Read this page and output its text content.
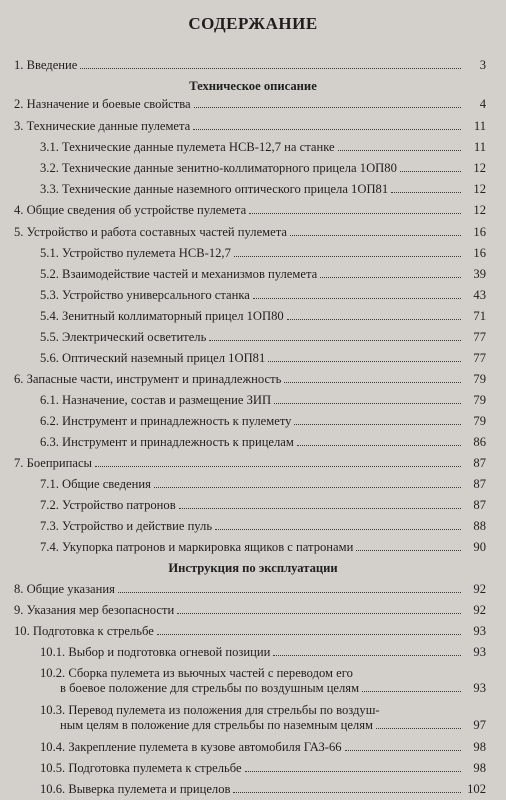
СОДЕРЖАНИЕ
1. Введение	3
Техническое описание
2. Назначение и боевые свойства	4
3. Технические данные пулемета	11
3.1. Технические данные пулемета НСВ-12,7 на станке	11
3.2. Технические данные зенитно-коллиматорного прицела 1ОП80	12
3.3. Технические данные наземного оптического прицела 1ОП81	12
4. Общие сведения об устройстве пулемета	12
5. Устройство и работа составных частей пулемета	16
5.1. Устройство пулемета НСВ-12,7	16
5.2. Взаимодействие частей и механизмов пулемета	39
5.3. Устройство универсального станка	43
5.4. Зенитный коллиматорный прицел 1ОП80	71
5.5. Электрический осветитель	77
5.6. Оптический наземный прицел 1ОП81	77
6. Запасные части, инструмент и принадлежность	79
6.1. Назначение, состав и размещение ЗИП	79
6.2. Инструмент и принадлежность к пулемету	79
6.3. Инструмент и принадлежность к прицелам	86
7. Боеприпасы	87
7.1. Общие сведения	87
7.2. Устройство патронов	87
7.3. Устройство и действие пуль	88
7.4. Укупорка патронов и маркировка ящиков с патронами	90
Инструкция по эксплуатации
8. Общие указания	92
9. Указания мер безопасности	92
10. Подготовка к стрельбе	93
10.1. Выбор и подготовка огневой позиции	93
10.2. Сборка пулемета из вьючных частей с переводом его
в боевое положение для стрельбы по воздушным целям	93
10.3. Перевод пулемета из положения для стрельбы по воздуш-
ным целям в положение для стрельбы по наземным целям	97
10.4. Закрепление пулемета в кузове автомобиля ГАЗ-66	98
10.5. Подготовка пулемета к стрельбе	98
10.6. Выверка пулемета и прицелов	102
